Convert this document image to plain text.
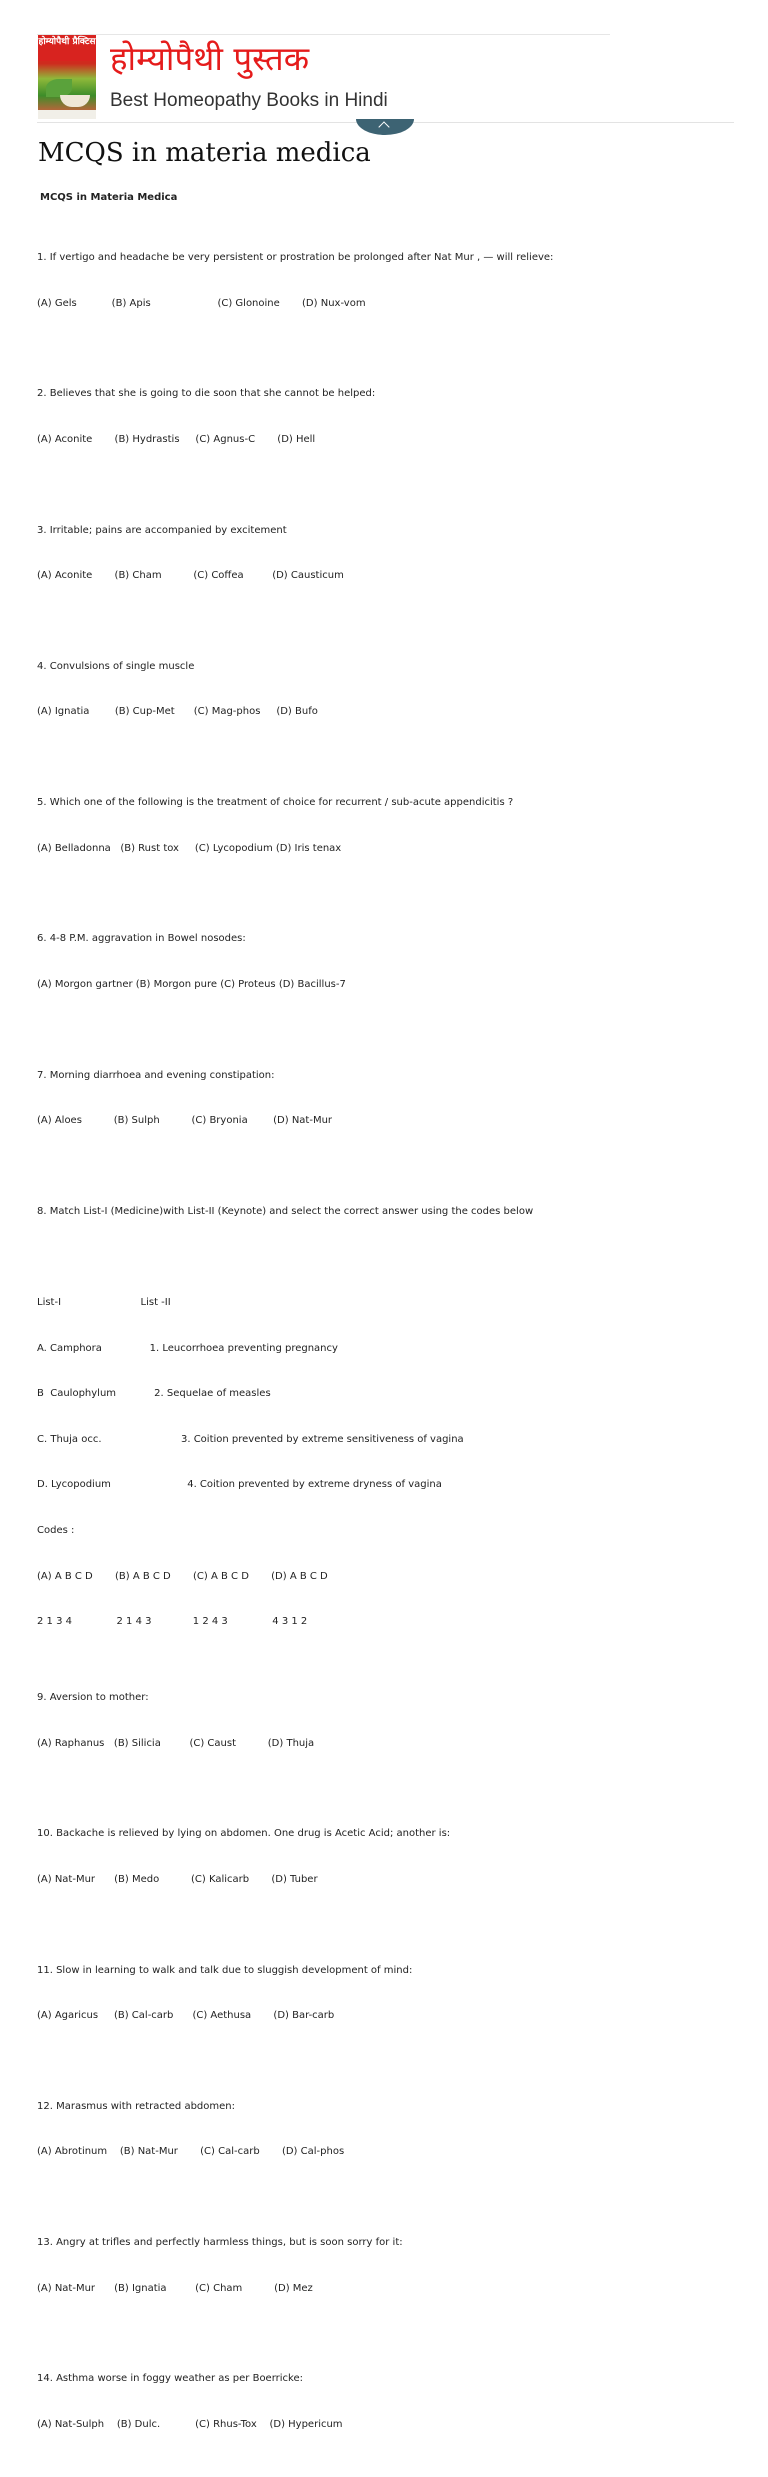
होम्योपैथी प्रैक्टिस होम्योपैथी पुस्तक

Best Homeopathy Books in Hindi

MCQS in materia medica
MCQS in Materia Medica

1. If vertigo and headache be very persistent or prostration be prolonged after Nat Mur , — will relieve:

(A) Gels           (B) Apis                     (C) Glonoine       (D) Nux-vom

2. Believes that she is going to die soon that she cannot be helped:

(A) Aconite       (B) Hydrastis     (C) Agnus-C       (D) Hell

3. Irritable; pains are accompanied by excitement

(A) Aconite       (B) Cham          (C) Coffea         (D) Causticum

4. Convulsions of single muscle

(A) Ignatia        (B) Cup-Met      (C) Mag-phos     (D) Bufo

5. Which one of the following is the treatment of choice for recurrent / sub-acute appendicitis ?

(A) Belladonna   (B) Rust tox     (C) Lycopodium (D) Iris tenax

6. 4-8 P.M. aggravation in Bowel nosodes:

(A) Morgon gartner (B) Morgon pure (C) Proteus (D) Bacillus-7

7. Morning diarrhoea and evening constipation:

(A) Aloes          (B) Sulph          (C) Bryonia        (D) Nat-Mur

8. Match List-I (Medicine)with List-II (Keynote) and select the correct answer using the codes below

List-I                         List -II

A. Camphora               1. Leucorrhoea preventing pregnancy

B  Caulophylum            2. Sequelae of measles

C. Thuja occ.                         3. Coition prevented by extreme sensitiveness of vagina

D. Lycopodium                        4. Coition prevented by extreme dryness of vagina

Codes :

(A) A B C D       (B) A B C D       (C) A B C D       (D) A B C D

2 1 3 4              2 1 4 3             1 2 4 3              4 3 1 2

9. Aversion to mother:

(A) Raphanus   (B) Silicia         (C) Caust          (D) Thuja

10. Backache is relieved by lying on abdomen. One drug is Acetic Acid; another is:

(A) Nat-Mur      (B) Medo          (C) Kalicarb       (D) Tuber

11. Slow in learning to walk and talk due to sluggish development of mind:

(A) Agaricus     (B) Cal-carb      (C) Aethusa       (D) Bar-carb

12. Marasmus with retracted abdomen:

(A) Abrotinum    (B) Nat-Mur       (C) Cal-carb       (D) Cal-phos

13. Angry at trifles and perfectly harmless things, but is soon sorry for it:

(A) Nat-Mur      (B) Ignatia         (C) Cham          (D) Mez

14. Asthma worse in foggy weather as per Boerricke:

(A) Nat-Sulph    (B) Dulc.           (C) Rhus-Tox    (D) Hypericum
